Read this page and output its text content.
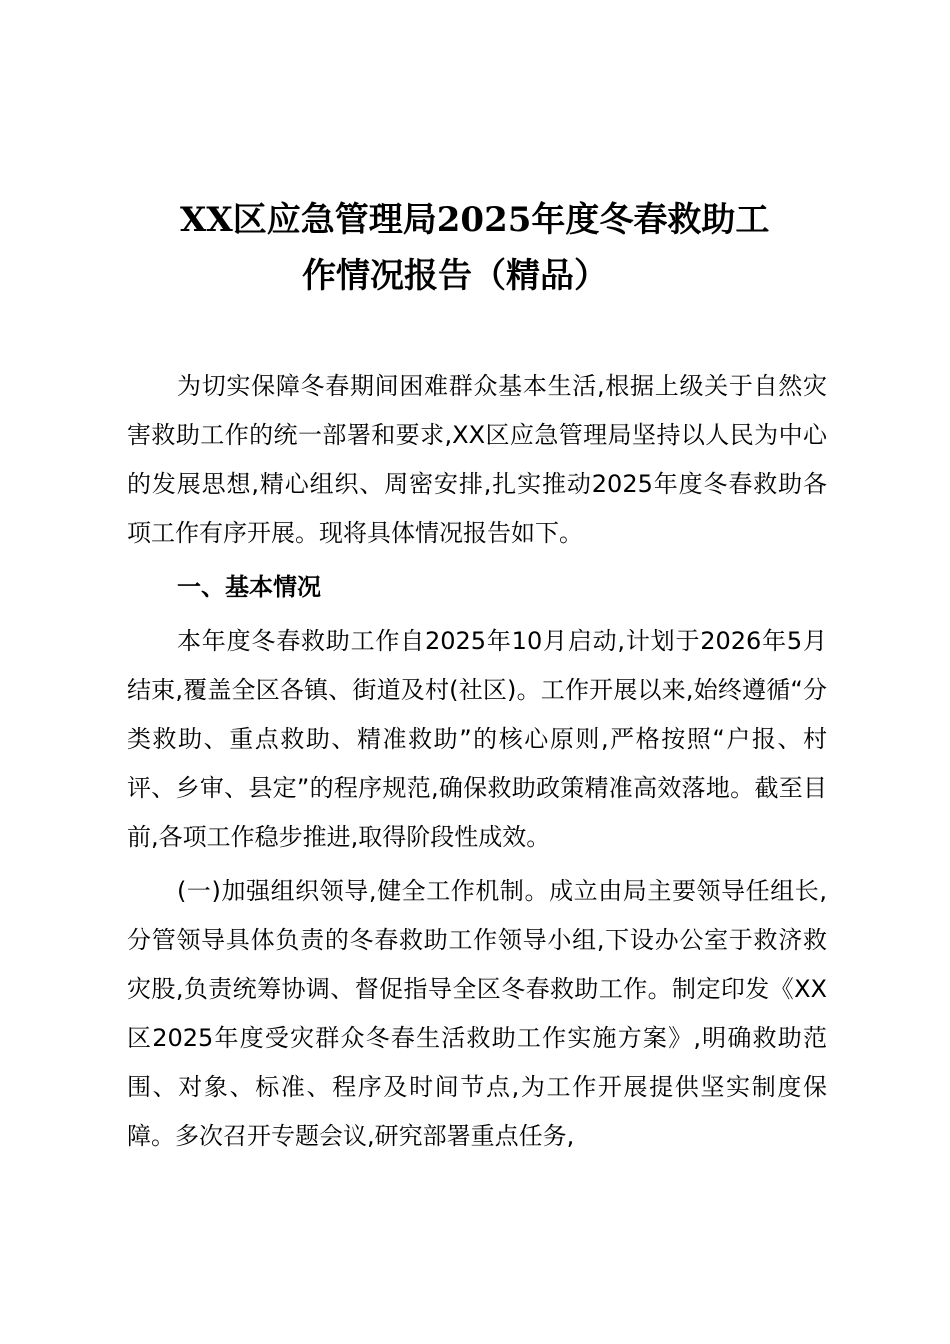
XX区应急管理局2025年度冬春救助工
作情况报告（精品）

为切实保障冬春期间困难群众基本生活,根据上级关于自然灾害救助工作的统一部署和要求,XX区应急管理局坚持以人民为中心的发展思想,精心组织、周密安排,扎实推动2025年度冬春救助各项工作有序开展。现将具体情况报告如下。

一、基本情况

本年度冬春救助工作自2025年10月启动,计划于2026年5月结束,覆盖全区各镇、街道及村(社区)。工作开展以来,始终遵循“分类救助、重点救助、精准救助”的核心原则,严格按照“户报、村评、乡审、县定”的程序规范,确保救助政策精准高效落地。截至目前,各项工作稳步推进,取得阶段性成效。

(一)加强组织领导,健全工作机制。成立由局主要领导任组长,分管领导具体负责的冬春救助工作领导小组,下设办公室于救济救灾股,负责统筹协调、督促指导全区冬春救助工作。制定印发《XX区2025年度受灾群众冬春生活救助工作实施方案》,明确救助范围、对象、标准、程序及时间节点,为工作开展提供坚实制度保障。多次召开专题会议,研究部署重点任务,
